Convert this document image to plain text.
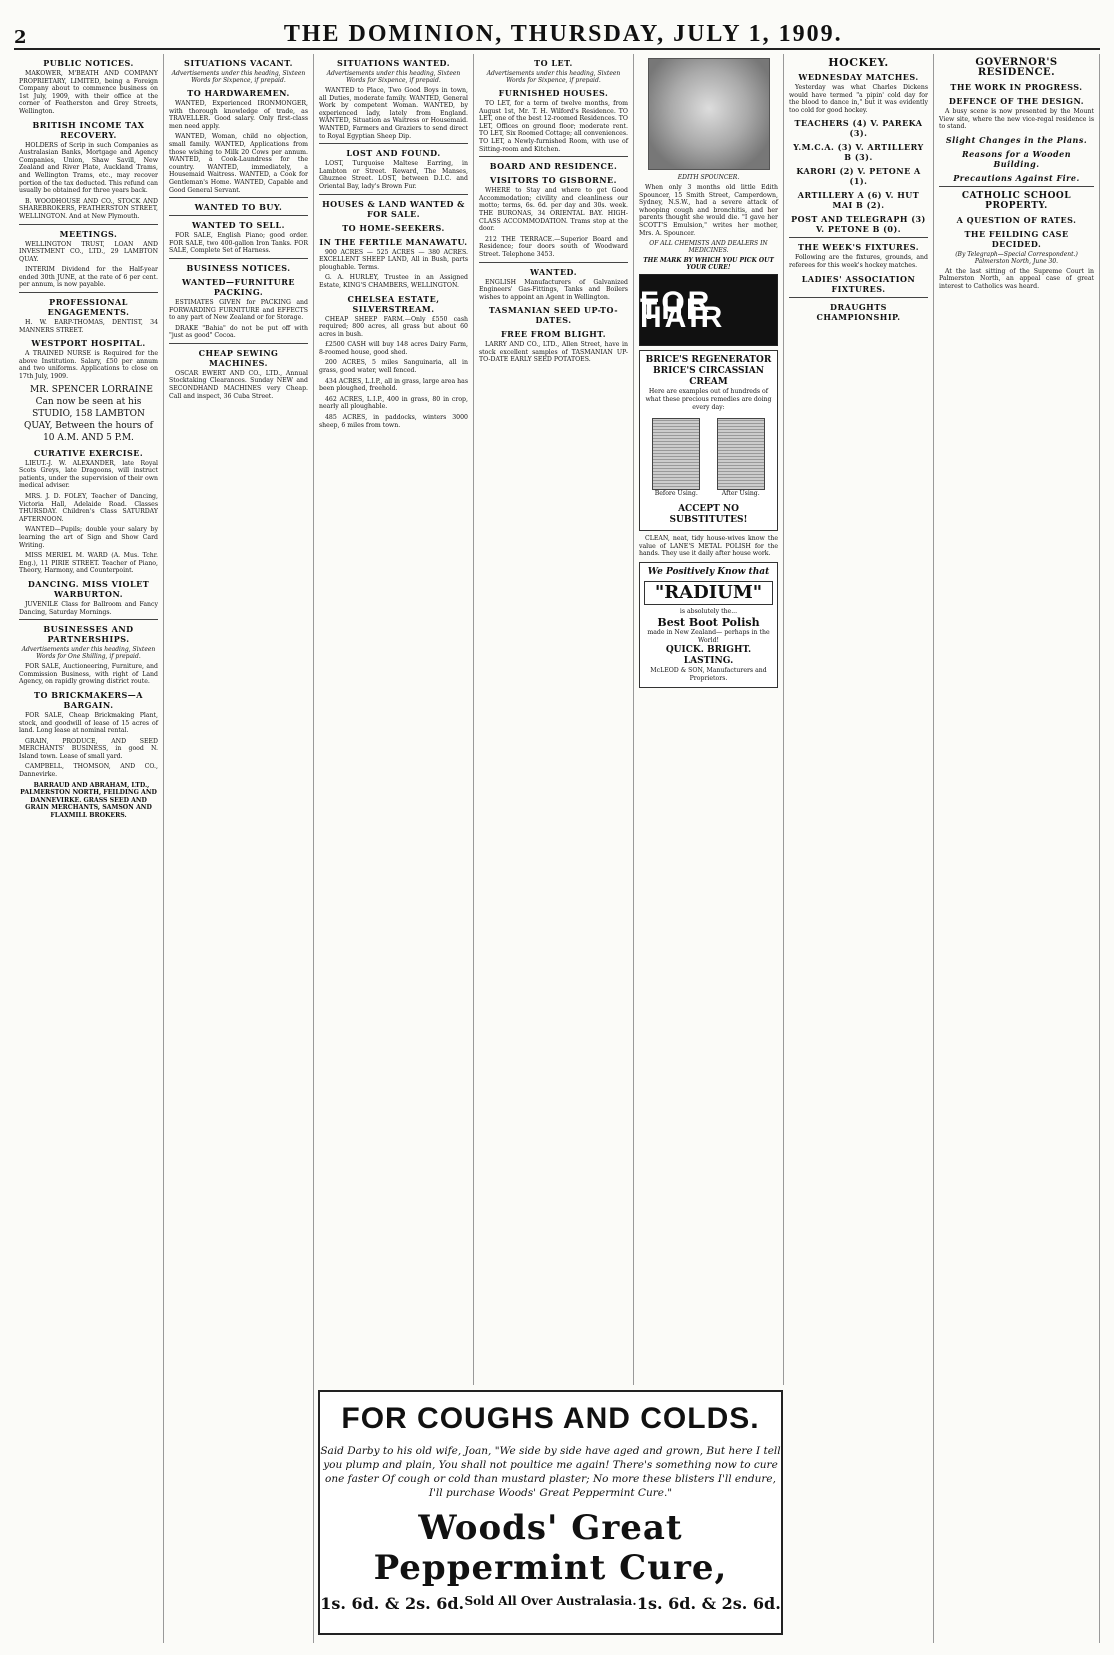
2	THE DOMINION, THURSDAY, JULY 1, 1909.
PUBLIC NOTICES.
MAKOWER, M'BEATH AND COMPANY PROPRIETARY, LIMITED, being a Foreign Company about to commence business on 1st July, 1909, with their office at the corner of Featherston and Grey Streets, Wellington.
BRITISH INCOME TAX RECOVERY.
HOLDERS of Scrip in such Companies as Australasian Banks, Mortgage and Agency Companies, Union, Shaw Savill, New Zealand and River Plate, Auckland Trams, and Wellington Trams, etc., may recover portion of the tax deducted. This refund can usually be obtained for three years back.
B. WOODHOUSE AND CO., STOCK AND SHAREBROKERS, FEATHERSTON STREET, WELLINGTON. And at New Plymouth.
MEETINGS.
WELLINGTON TRUST, LOAN AND INVESTMENT CO., LTD., 29 LAMBTON QUAY.
INTERIM Dividend for the Half-year ended 30th JUNE, at the rate of 6 per cent. per annum, is now payable.
PROFESSIONAL ENGAGEMENTS.
H. W. EARP-THOMAS, DENTIST, 34 MANNERS STREET.
WESTPORT HOSPITAL.
A TRAINED NURSE is Required for the above Institution. Salary, £50 per annum and two uniforms. Applications to close on 17th July, 1909.
MR. SPENCER LORRAINE Can now be seen at his STUDIO, 158 LAMBTON QUAY, Between the hours of 10 A.M. AND 5 P.M.
CURATIVE EXERCISE.
LIEUT.-J. W. ALEXANDER, late Royal Scots Greys, late Dragoons, will instruct patients, under the supervision of their own medical adviser.
MRS. J. D. FOLEY, Teacher of Dancing, Victoria Hall, Adelaide Road. Classes THURSDAY. Children's Class SATURDAY AFTERNOON.
WANTED—Pupils; double your salary by learning the art of Sign and Show Card Writing.
MISS MERIEL M. WARD (A. Mus. Tchr. Eng.), 11 PIRIE STREET. Teacher of Piano, Theory, Harmony, and Counterpoint.
DANCING. MISS VIOLET WARBURTON.
JUVENILE Class for Ballroom and Fancy Dancing, Saturday Mornings.
BUSINESSES AND PARTNERSHIPS.
Advertisements under this heading, Sixteen Words for One Shilling, if prepaid.
FOR SALE, Auctioneering, Furniture, and Commission Business, with right of Land Agency, on rapidly growing district route.
TO BRICKMAKERS—A BARGAIN.
FOR SALE, Cheap Brickmaking Plant, stock, and goodwill of lease of 15 acres of land. Long lease at nominal rental.
GRAIN, PRODUCE, AND SEED MERCHANTS' BUSINESS, in good N. Island town. Lease of small yard.
CAMPBELL, THOMSON, AND CO., Dannevirke.
BARRAUD AND ABRAHAM, LTD., PALMERSTON NORTH, FEILDING AND DANNEVIRKE. GRASS SEED AND GRAIN MERCHANTS, SAMSON AND FLAXMILL BROKERS.
SITUATIONS VACANT.
Advertisements under this heading, Sixteen Words for Sixpence, if prepaid.
TO HARDWAREMEN.
WANTED, Experienced IRONMONGER, with thorough knowledge of trade, as TRAVELLER. Good salary. Only first-class men need apply.
WANTED, Woman, child no objection, small family. WANTED, Applications from those wishing to Milk 20 Cows per annum. WANTED, a Cook-Laundress for the country. WANTED, immediately, a Housemaid Waitress. WANTED, a Cook for Gentleman's Home. WANTED, Capable and Good General Servant.
WANTED TO BUY.
WANTED TO SELL.
FOR SALE, English Piano; good order. FOR SALE, two 400-gallon Iron Tanks. FOR SALE, Complete Set of Harness.
BUSINESS NOTICES.
WANTED—FURNITURE PACKING.
ESTIMATES GIVEN for PACKING and FORWARDING FURNITURE and EFFECTS to any part of New Zealand or for Storage.
DRAKE "Bahia" do not be put off with "just as good" Cocoa.
CHEAP SEWING MACHINES.
OSCAR EWERT AND CO., LTD., Annual Stocktaking Clearances. Sunday NEW and SECONDHAND MACHINES very Cheap. Call and inspect, 36 Cuba Street.
SITUATIONS WANTED.
Advertisements under this heading, Sixteen Words for Sixpence, if prepaid.
WANTED to Place, Two Good Boys in town, all Duties, moderate family. WANTED, General Work by competent Woman. WANTED, by experienced lady, lately from England. WANTED, Situation as Waitress or Housemaid. WANTED, Farmers and Graziers to send direct to Royal Egyptian Sheep Dip.
LOST AND FOUND.
LOST, Turquoise Maltese Earring, in Lambton or Street. Reward, The Manses, Ghuznee Street. LOST, between D.I.C. and Oriental Bay, lady's Brown Fur.
HOUSES & LAND WANTED & FOR SALE.
TO HOME-SEEKERS.
IN THE FERTILE MANAWATU.
900 ACRES — 525 ACRES — 380 ACRES. EXCELLENT SHEEP LAND, All in Bush, parts ploughable. Terms.
G. A. HURLEY, Trustee in an Assigned Estate, KING'S CHAMBERS, WELLINGTON.
CHELSEA ESTATE, SILVERSTREAM.
CHEAP SHEEP FARM.—Only £550 cash required; 800 acres, all grass but about 60 acres in bush.
£2500 CASH will buy 148 acres Dairy Farm, 8-roomed house, good shed.
200 ACRES, 5 miles Sanguinaria, all in grass, good water, well fenced.
434 ACRES, L.I.P., all in grass, large area has been ploughed, freehold.
462 ACRES, L.I.P., 400 in grass, 80 in crop, nearly all ploughable.
485 ACRES, in paddocks, winters 3000 sheep, 6 miles from town.
TO LET.
Advertisements under this heading, Sixteen Words for Sixpence, if prepaid.
FURNISHED HOUSES.
TO LET, for a term of twelve months, from August 1st, Mr. T. H. Wilford's Residence. TO LET, one of the best 12-roomed Residences. TO LET, Offices on ground floor; moderate rent. TO LET, Six Roomed Cottage; all conveniences. TO LET, a Newly-furnished Room, with use of Sitting-room and Kitchen.
BOARD AND RESIDENCE.
VISITORS TO GISBORNE.
WHERE to Stay and where to get Good Accommodation; civility and cleanliness our motto; terms, 6s. 6d. per day and 30s. week. THE BURONAS, 34 ORIENTAL BAY. HIGH-CLASS ACCOMMODATION. Trams stop at the door.
212 THE TERRACE.—Superior Board and Residence; four doors south of Woodward Street. Telephone 3453.
WANTED.
ENGLISH Manufacturers of Galvanized Engineers' Gas-Fittings, Tanks and Boilers wishes to appoint an Agent in Wellington.
TASMANIAN SEED UP-TO-DATES.
FREE FROM BLIGHT.
LARRY AND CO., LTD., Allen Street, have in stock excellent samples of TASMANIAN UP-TO-DATE EARLY SEED POTATOES.
EDITH SPOUNCER.
When only 3 months old little Edith Spouncer, 15 Smith Street, Camperdown, Sydney, N.S.W., had a severe attack of whooping cough and bronchitis, and her parents thought she would die. "I gave her SCOTT'S Emulsion," writes her mother, Mrs. A. Spouncer.
OF ALL CHEMISTS AND DEALERS IN MEDICINES.
THE MARK BY WHICH YOU PICK OUT YOUR CURE!
FOR THE HAIR
BRICE'S REGENERATOR
BRICE'S CIRCASSIAN CREAM
Here are examples out of hundreds of what these precious remedies are doing every day:
Before Using.	After Using.
ACCEPT NO SUBSTITUTES!
CLEAN, neat, tidy house-wives know the value of LANE'S METAL POLISH for the hands. They use it daily after house work.
We Positively Know that
"RADIUM"
is absolutely the...
Best Boot Polish
made in New Zealand— perhaps in the World!
QUICK. BRIGHT. LASTING.
McLEOD & SON, Manufacturers and Proprietors.
HOCKEY.
WEDNESDAY MATCHES.
Yesterday was what Charles Dickens would have termed "a pipin' cold day for the blood to dance in," but it was evidently too cold for good hockey.
TEACHERS (4) V. PAREKA (3).
Y.M.C.A. (3) V. ARTILLERY B (3).
KARORI (2) V. PETONE A (1).
ARTILLERY A (6) V. HUT MAI B (2).
POST AND TELEGRAPH (3) V. PETONE B (0).
THE WEEK'S FIXTURES.
Following are the fixtures, grounds, and referees for this week's hockey matches.
LADIES' ASSOCIATION FIXTURES.
DRAUGHTS CHAMPIONSHIP.
GOVERNOR'S RESIDENCE.
THE WORK IN PROGRESS.
DEFENCE OF THE DESIGN.
A busy scene is now presented by the Mount View site, where the new vice-regal residence is to stand.
Slight Changes in the Plans.
Reasons for a Wooden Building.
Precautions Against Fire.
CATHOLIC SCHOOL PROPERTY.
A QUESTION OF RATES.
THE FEILDING CASE DECIDED.
(By Telegraph—Special Correspondent.) Palmerston North, June 30.
At the last sitting of the Supreme Court in Palmerston North, an appeal case of great interest to Catholics was heard.
FOR COUGHS AND COLDS.
Said Darby to his old wife, Joan, "We side by side have aged and grown, But here I tell you plump and plain, You shall not poultice me again! There's something now to cure one faster Of cough or cold than mustard plaster; No more these blisters I'll endure, I'll purchase Woods' Great Peppermint Cure."
Woods' Great Peppermint Cure,
1s. 6d. & 2s. 6d. Sold All Over Australasia. 1s. 6d. & 2s. 6d.
